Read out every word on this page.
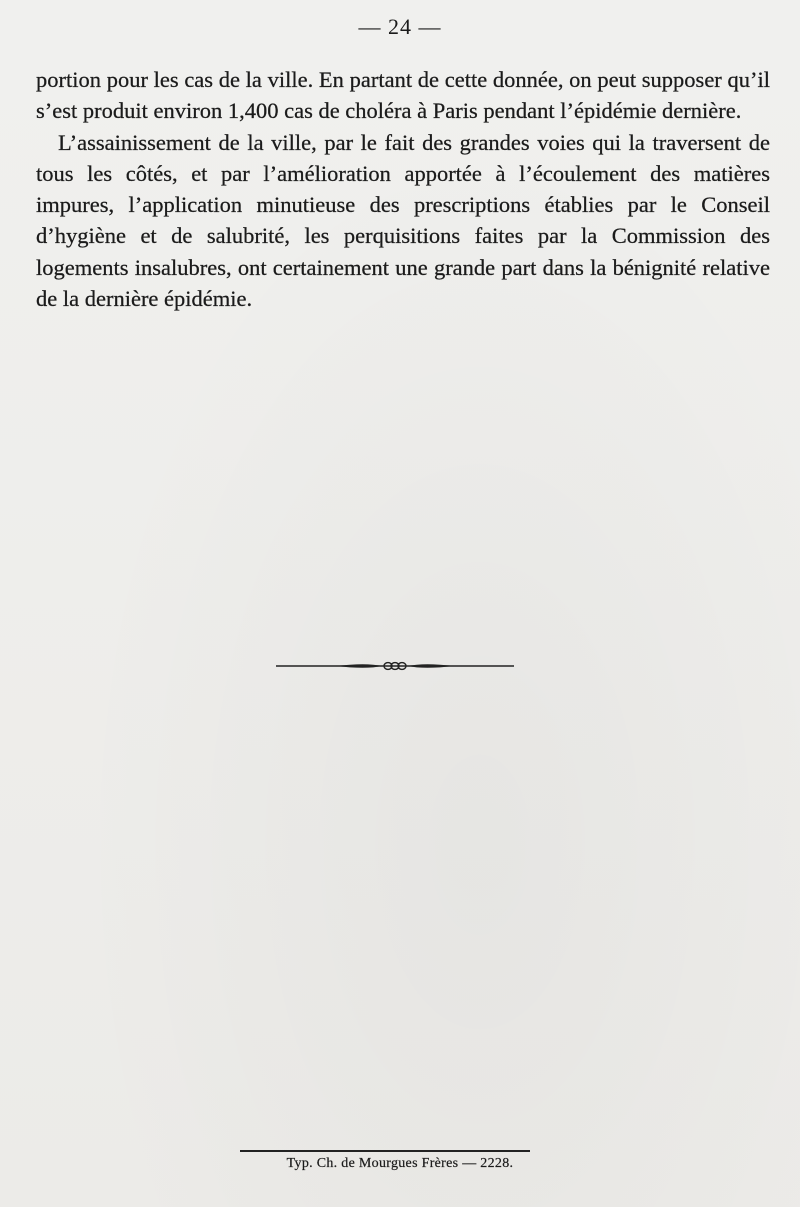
— 24 —

portion pour les cas de la ville. En partant de cette donnée, on peut supposer qu’il s’est produit environ 1,400 cas de choléra à Paris pendant l’épidémie dernière.

L’assainissement de la ville, par le fait des grandes voies qui la traversent de tous les côtés, et par l’amélioration apportée à l’écoulement des matières impures, l’application minutieuse des prescriptions établies par le Conseil d’hygiène et de salubrité, les perquisitions faites par la Commission des logements insalubres, ont certainement une grande part dans la bénignité relative de la dernière épidémie.

Typ. Ch. de Mourgues Frères — 2228.
